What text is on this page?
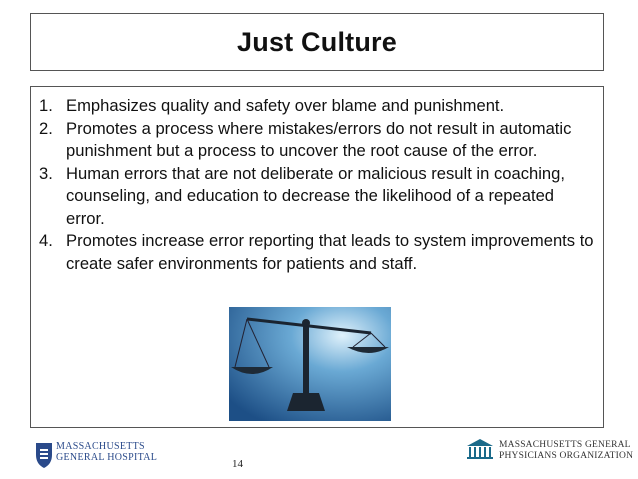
Just Culture
1. Emphasizes quality and safety over blame and punishment.
2. Promotes a process where mistakes/errors do not result in automatic punishment but a process to uncover the root cause of the error.
3. Human errors that are not deliberate or malicious result in coaching, counseling, and education to decrease the likelihood of a repeated error.
4. Promotes increase error reporting that leads to system improvements to create safer environments for patients and staff.
MASSACHUSETTS
GENERAL HOSPITAL
14
MASSACHUSETTS GENERAL
PHYSICIANS ORGANIZATION
